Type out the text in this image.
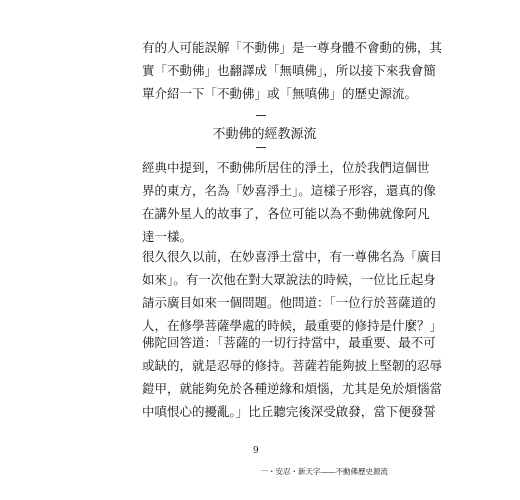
有的人可能誤解「不動佛」是一尊身體不會動的佛，其
實「不動佛」也翻譯成「無嗔佛」，所以接下來我會簡
單介紹一下「不動佛」或「無嗔佛」的歷史源流。

不動佛的經教源流

經典中提到，不動佛所居住的淨土，位於我們這個世
界的東方，名為「妙喜淨土」。這樣子形容，還真的像
在講外星人的故事了，各位可能以為不動佛就像阿凡
達一樣。

很久很久以前，在妙喜淨土當中，有一尊佛名為「廣目
如來」。有一次他在對大眾說法的時候，一位比丘起身
請示廣目如來一個問題。他問道：「一位行於菩薩道的
人，在修學菩薩學處的時候，最重要的修持是什麼？」

佛陀回答道：「菩薩的一切行持當中，最重要、最不可
或缺的，就是忍辱的修持。菩薩若能夠披上堅韌的忍辱
鎧甲，就能夠免於各種逆緣和煩惱，尤其是免於煩惱當
中嗔恨心的擾亂。」比丘聽完後深受啟發，當下便發誓

9
一・安忍・新天字――不動佛歷史源流
